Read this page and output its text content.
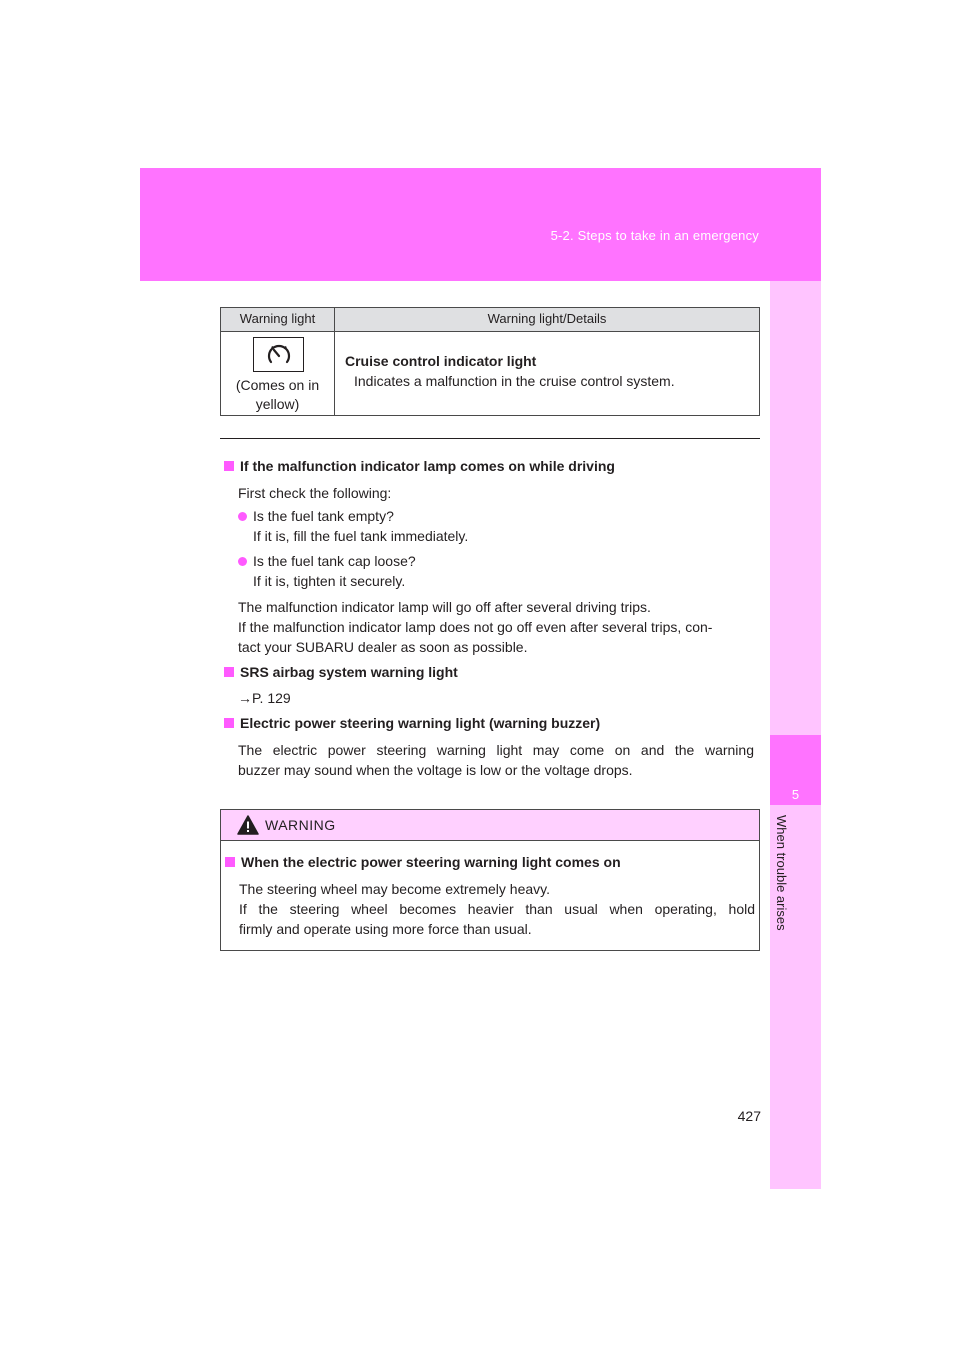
5-2. Steps to take in an emergency
5
When trouble arises
Warning light	Warning light/Details
(Comes on in
yellow)
Cruise control indicator light
Indicates a malfunction in the cruise control system.
If the malfunction indicator lamp comes on while driving
First check the following:
Is the fuel tank empty?
If it is, fill the fuel tank immediately.
Is the fuel tank cap loose?
If it is, tighten it securely.
The malfunction indicator lamp will go off after several driving trips.
If the malfunction indicator lamp does not go off even after several trips, con-
tact your SUBARU dealer as soon as possible.
SRS airbag system warning light
→P. 129
Electric power steering warning light (warning buzzer)
The electric power steering warning light may come on and the warning
buzzer may sound when the voltage is low or the voltage drops.
WARNING
When the electric power steering warning light comes on
The steering wheel may become extremely heavy.
If the steering wheel becomes heavier than usual when operating, hold
firmly and operate using more force than usual.
427
